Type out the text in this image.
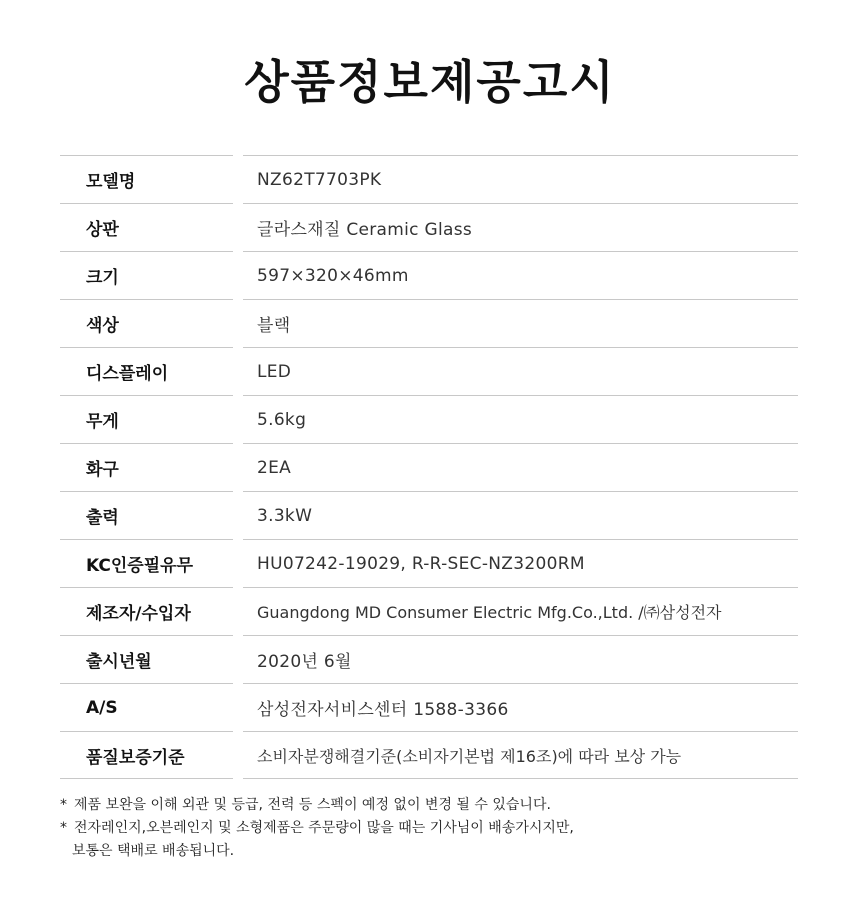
상품정보제공고시
모델명	NZ62T7703PK
상판	글라스재질 Ceramic Glass
크기	597×320×46mm
색상	블랙
디스플레이	LED
무게	5.6kg
화구	2EA
출력	3.3kW
KC인증필유무	HU07242-19029, R-R-SEC-NZ3200RM
제조자/수입자	Guangdong MD Consumer Electric Mfg.Co.,Ltd. /㈜삼성전자
출시년월	2020년 6월
A/S	삼성전자서비스센터 1588-3366
품질보증기준	소비자분쟁해결기준(소비자기본법 제16조)에 따라 보상 가능
* 제품 보완을 이해 외관 및 등급, 전력 등 스펙이 예정 없이 변경 될 수 있습니다.
* 전자레인지,오븐레인지 및 소형제품은 주문량이 많을 때는 기사님이 배송가시지만,
보통은 택배로 배송됩니다.
